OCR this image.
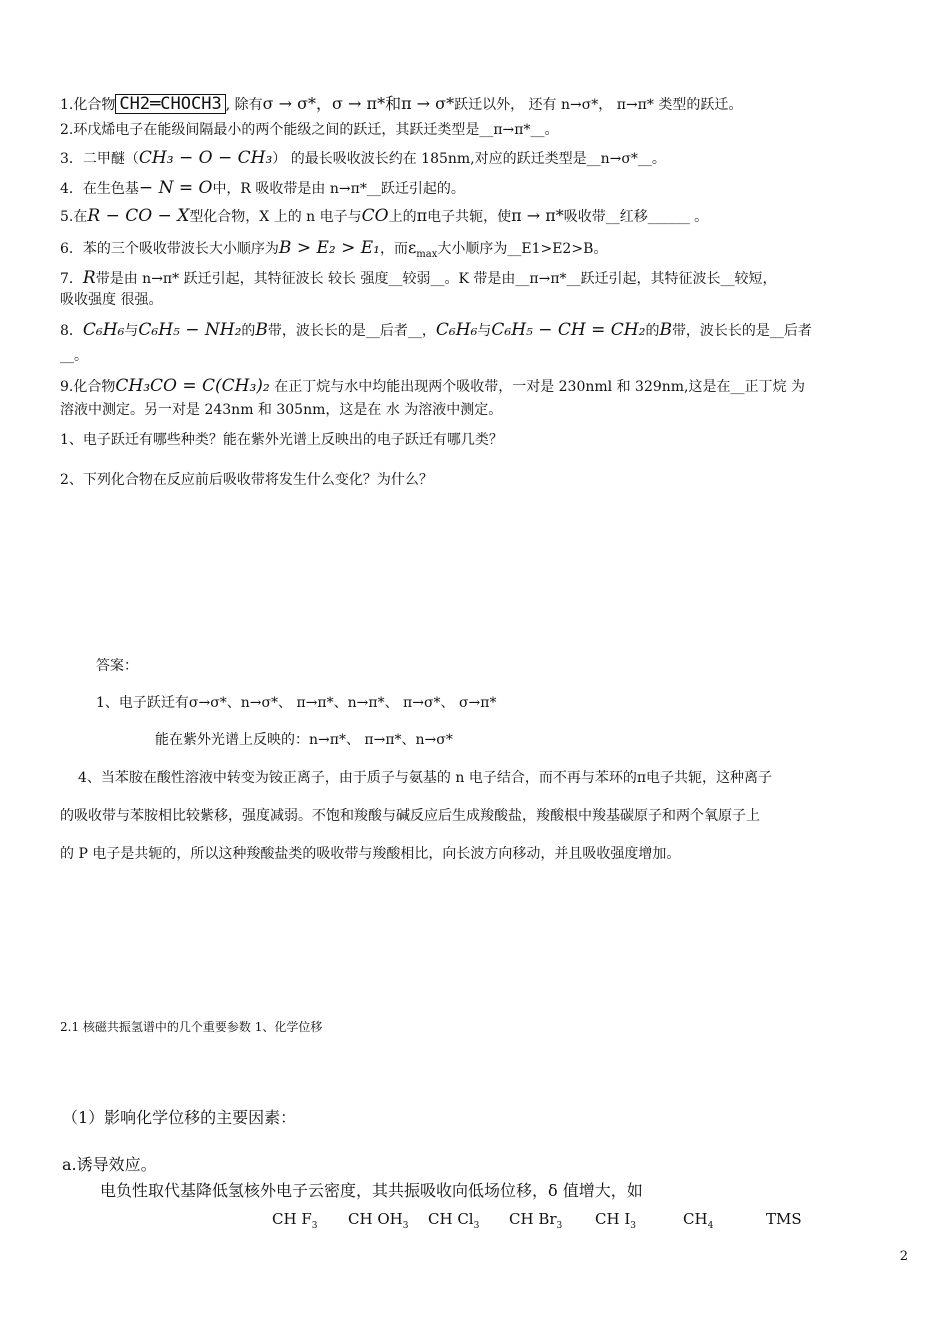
1.化合物 CH2═CHOCH3 , 除有σ → σ*，σ → π*和π → σ*跃迁以外， 还有 n→σ*， π→π* 类型的跃迁。
2.环戊烯电子在能级间隔最小的两个能级之间的跃迁，其跃迁类型是__π→π*__。
3．二甲醚（CH₃ − O − CH₃） 的最长吸收波长约在 185nm,对应的跃迁类型是__n→σ*__。
4．在生色基− N = O中，R 吸收带是由 n→π*__跃迁引起的。
5.在R − CO − X型化合物，X 上的 n 电子与CO上的π电子共轭，使π → π*吸收带__红移______ 。
6．苯的三个吸收带波长大小顺序为B > E₂ > E₁，而$\varepsilon_{max}$大小顺序为__E1>E2>B。
7．R带是由 n→π* 跃迁引起，其特征波长 较长 强度__较弱__。K 带是由__π→π*__跃迁引起，其特征波长__较短，
吸收强度 很强。
8．C₆H₆与C₆H₅ − NH₂的B带，波长长的是__后者__，C₆H₆与C₆H₅ − CH = CH₂的B带，波长长的是__后者
__。
9.化合物CH₃CO = C(CH₃)₂ 在正丁烷与水中均能出现两个吸收带，一对是 230nml 和 329nm,这是在__正丁烷 为
溶液中测定。另一对是 243nm 和 305nm，这是在 水 为溶液中测定。
1、电子跃迁有哪些种类？能在紫外光谱上反映出的电子跃迁有哪几类？
2、下列化合物在反应前后吸收带将发生什么变化？为什么？
答案：
1、电子跃迁有σ→σ*、n→σ*、 π→π*、n→π*、 π→σ*、 σ→π*
能在紫外光谱上反映的：n→π*、 π→π*、n→σ*
4、当苯胺在酸性溶液中转变为铵正离子，由于质子与氨基的 n 电子结合，而不再与苯环的π电子共轭，这种离子
的吸收带与苯胺相比较紫移，强度减弱。不饱和羧酸与碱反应后生成羧酸盐，羧酸根中羧基碳原子和两个氧原子上
的 P 电子是共轭的，所以这种羧酸盐类的吸收带与羧酸相比，向长波方向移动，并且吸收强度增加。
2.1 核磁共振氢谱中的几个重要参数 1、化学位移
（1）影响化学位移的主要因素：
a.诱导效应。
电负性取代基降低氢核外电子云密度，其共振吸收向低场位移，δ 值增大，如
CH $F_3$ CH $OH_3$ CH $Cl_3$ CH $Br_3$ CH $I_3$	$CH_4$	TMS
2
